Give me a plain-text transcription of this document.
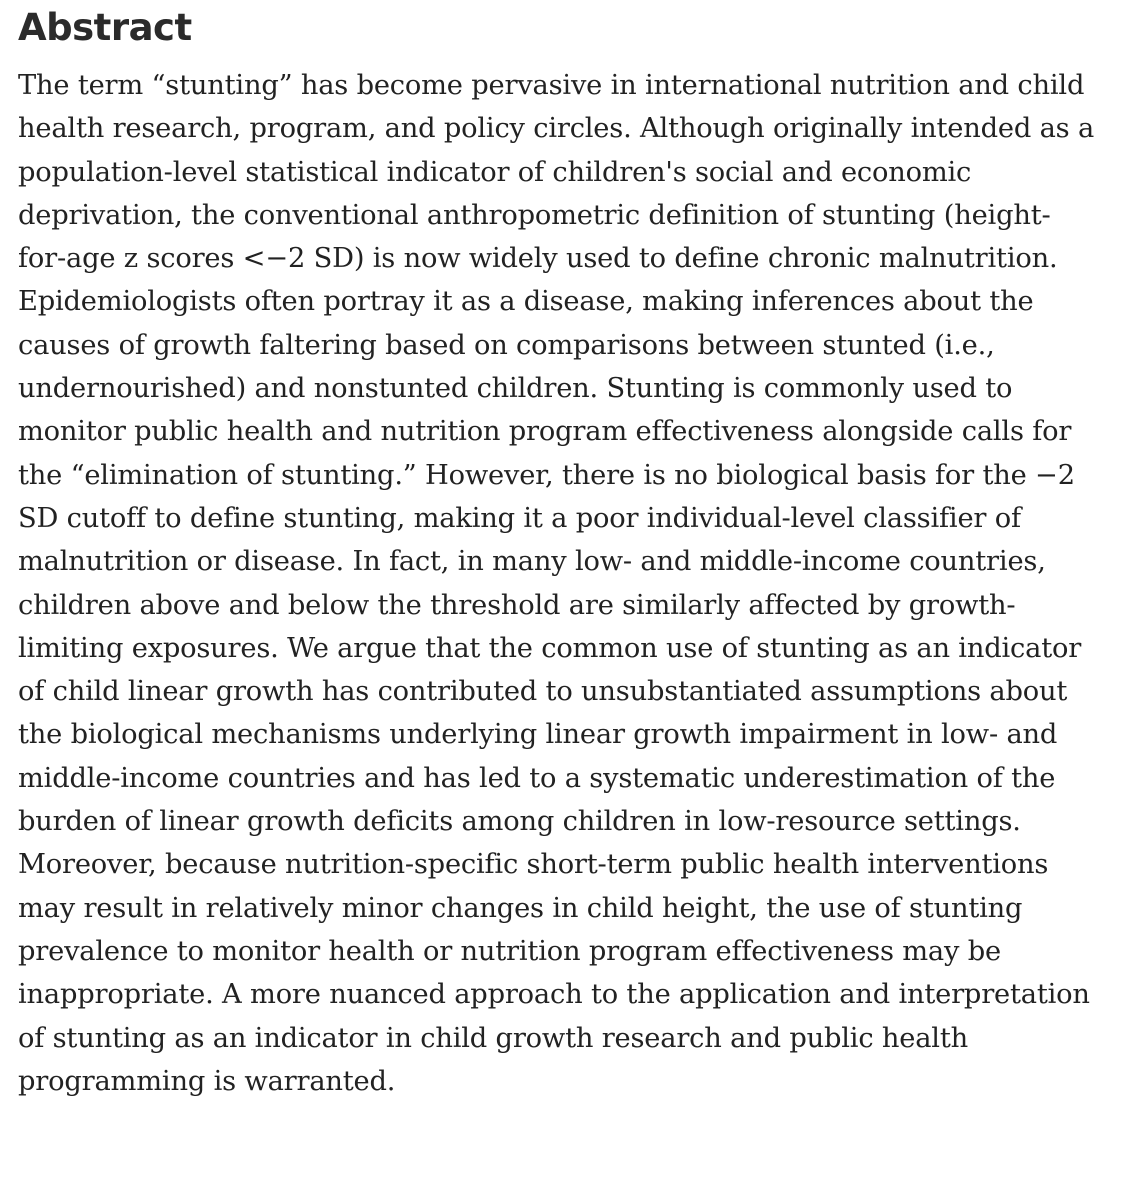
Abstract

The term “stunting” has become pervasive in international nutrition and child
health research, program, and policy circles. Although originally intended as a
population-level statistical indicator of children's social and economic
deprivation, the conventional anthropometric definition of stunting (height-
for-age z scores <−2 SD) is now widely used to define chronic malnutrition.
Epidemiologists often portray it as a disease, making inferences about the
causes of growth faltering based on comparisons between stunted (i.e.,
undernourished) and nonstunted children. Stunting is commonly used to
monitor public health and nutrition program effectiveness alongside calls for
the “elimination of stunting.” However, there is no biological basis for the −2
SD cutoff to define stunting, making it a poor individual-level classifier of
malnutrition or disease. In fact, in many low- and middle-income countries,
children above and below the threshold are similarly affected by growth-
limiting exposures. We argue that the common use of stunting as an indicator
of child linear growth has contributed to unsubstantiated assumptions about
the biological mechanisms underlying linear growth impairment in low- and
middle-income countries and has led to a systematic underestimation of the
burden of linear growth deficits among children in low-resource settings.
Moreover, because nutrition-specific short-term public health interventions
may result in relatively minor changes in child height, the use of stunting
prevalence to monitor health or nutrition program effectiveness may be
inappropriate. A more nuanced approach to the application and interpretation
of stunting as an indicator in child growth research and public health
programming is warranted.
